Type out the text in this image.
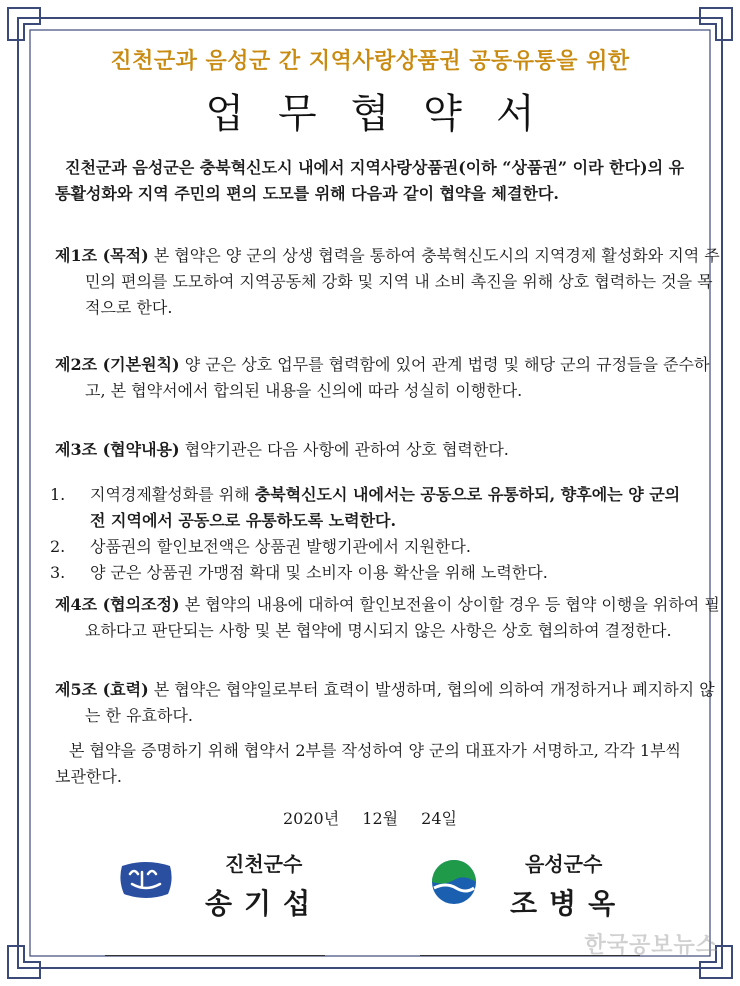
진천군과 음성군 간 지역사랑상품권 공동유통을 위한
업무협약서
진천군과 음성군은 충북혁신도시 내에서 지역사랑상품권(이하 “상품권” 이라 한다)의 유통활성화와 지역 주민의 편의 도모를 위해 다음과 같이 협약을 체결한다.
제1조 (목적) 본 협약은 양 군의 상생 협력을 통하여 충북혁신도시의 지역경제 활성화와 지역 주민의 편의를 도모하여 지역공동체 강화 및 지역 내 소비 촉진을 위해 상호 협력하는 것을 목적으로 한다.
제2조 (기본원칙) 양 군은 상호 업무를 협력함에 있어 관계 법령 및 해당 군의 규정들을 준수하고, 본 협약서에서 합의된 내용을 신의에 따라 성실히 이행한다.
제3조 (협약내용) 협약기관은 다음 사항에 관하여 상호 협력한다.
1. 지역경제활성화를 위해 충북혁신도시 내에서는 공동으로 유통하되, 향후에는 양 군의 전 지역에서 공동으로 유통하도록 노력한다.
2. 상품권의 할인보전액은 상품권 발행기관에서 지원한다.
3. 양 군은 상품권 가맹점 확대 및 소비자 이용 확산을 위해 노력한다.
제4조 (협의조정) 본 협약의 내용에 대하여 할인보전율이 상이할 경우 등 협약 이행을 위하여 필요하다고 판단되는 사항 및 본 협약에 명시되지 않은 사항은 상호 협의하여 결정한다.
제5조 (효력) 본 협약은 협약일로부터 효력이 발생하며, 협의에 의하여 개정하거나 폐지하지 않는 한 유효하다.
본 협약을 증명하기 위해 협약서 2부를 작성하여 양 군의 대표자가 서명하고, 각각 1부씩 보관한다.
2020년 12월 24일
진천군수	음성군수
송기섭	조병옥
한국공보뉴스
